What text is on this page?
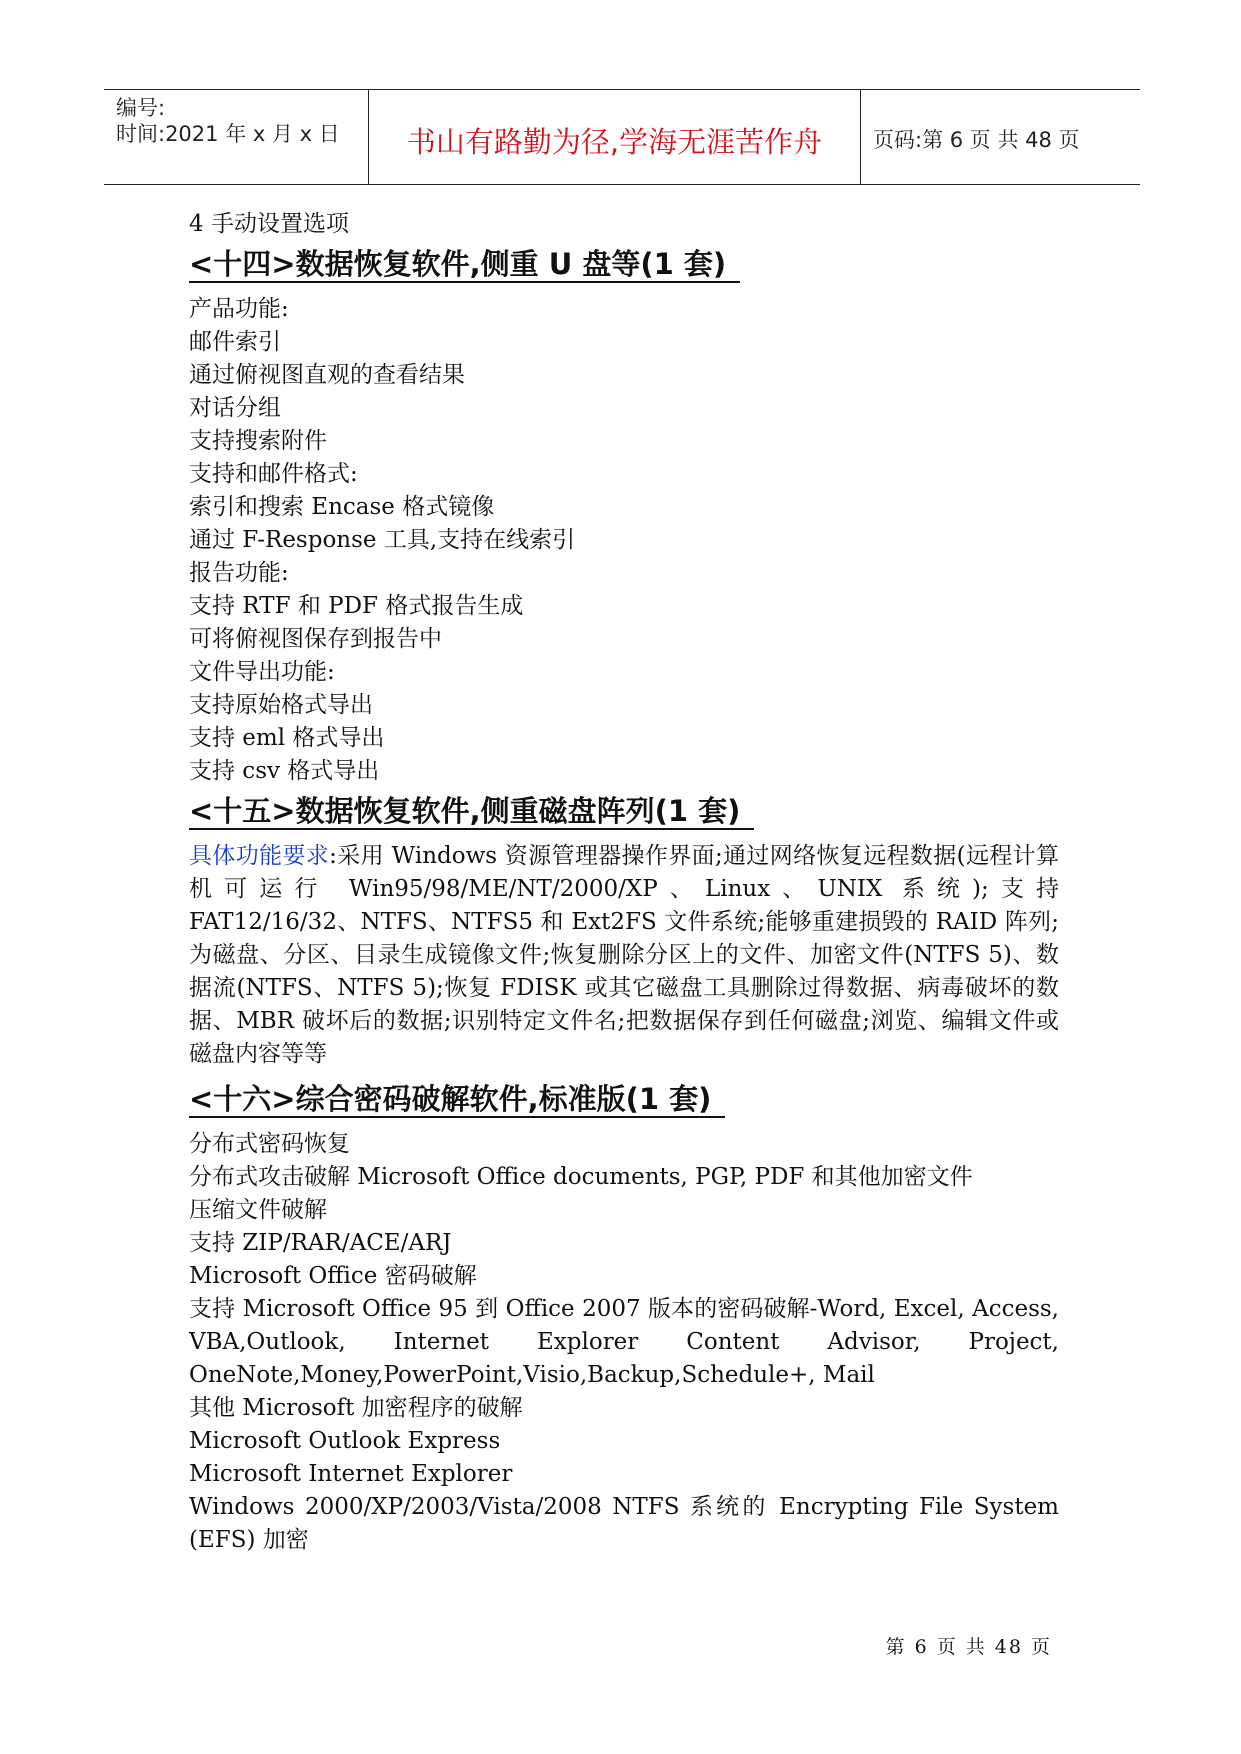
编号:
时间:2021 年 x 月 x 日	书山有路勤为径,学海无涯苦作舟	页码:第 6 页 共 48 页
4 手动设置选项
<十四>数据恢复软件,侧重 U 盘等(1 套)
产品功能:
邮件索引
通过俯视图直观的查看结果
对话分组
支持搜索附件
支持和邮件格式:
索引和搜索 Encase 格式镜像
通过 F-Response 工具,支持在线索引
报告功能:
支持 RTF 和 PDF 格式报告生成
可将俯视图保存到报告中
文件导出功能:
支持原始格式导出
支持 eml 格式导出
支持 csv 格式导出
<十五>数据恢复软件,侧重磁盘阵列(1 套)
具体功能要求:采用 Windows 资源管理器操作界面;通过网络恢复远程数据(远程计算机可运行 Win95/98/ME/NT/2000/XP、Linux、UNIX 系统);支持 FAT12/16/32、NTFS、NTFS5 和 Ext2FS 文件系统;能够重建损毁的 RAID 阵列;为磁盘、分区、目录生成镜像文件;恢复删除分区上的文件、加密文件(NTFS 5)、数据流(NTFS、NTFS 5);恢复 FDISK 或其它磁盘工具删除过得数据、病毒破坏的数据、MBR 破坏后的数据;识别特定文件名;把数据保存到任何磁盘;浏览、编辑文件或磁盘内容等等
<十六>综合密码破解软件,标准版(1 套)
分布式密码恢复
分布式攻击破解 Microsoft Office documents, PGP, PDF 和其他加密文件
压缩文件破解
支持 ZIP/RAR/ACE/ARJ
Microsoft Office 密码破解
支持 Microsoft Office 95 到 Office 2007 版本的密码破解-Word, Excel, Access, VBA,Outlook, Internet Explorer Content Advisor, Project, OneNote,Money,PowerPoint,Visio,Backup,Schedule+, Mail
其他 Microsoft 加密程序的破解
Microsoft Outlook Express
Microsoft Internet Explorer
Windows 2000/XP/2003/Vista/2008 NTFS 系统的 Encrypting File System (EFS) 加密
第 6 页 共 48 页
